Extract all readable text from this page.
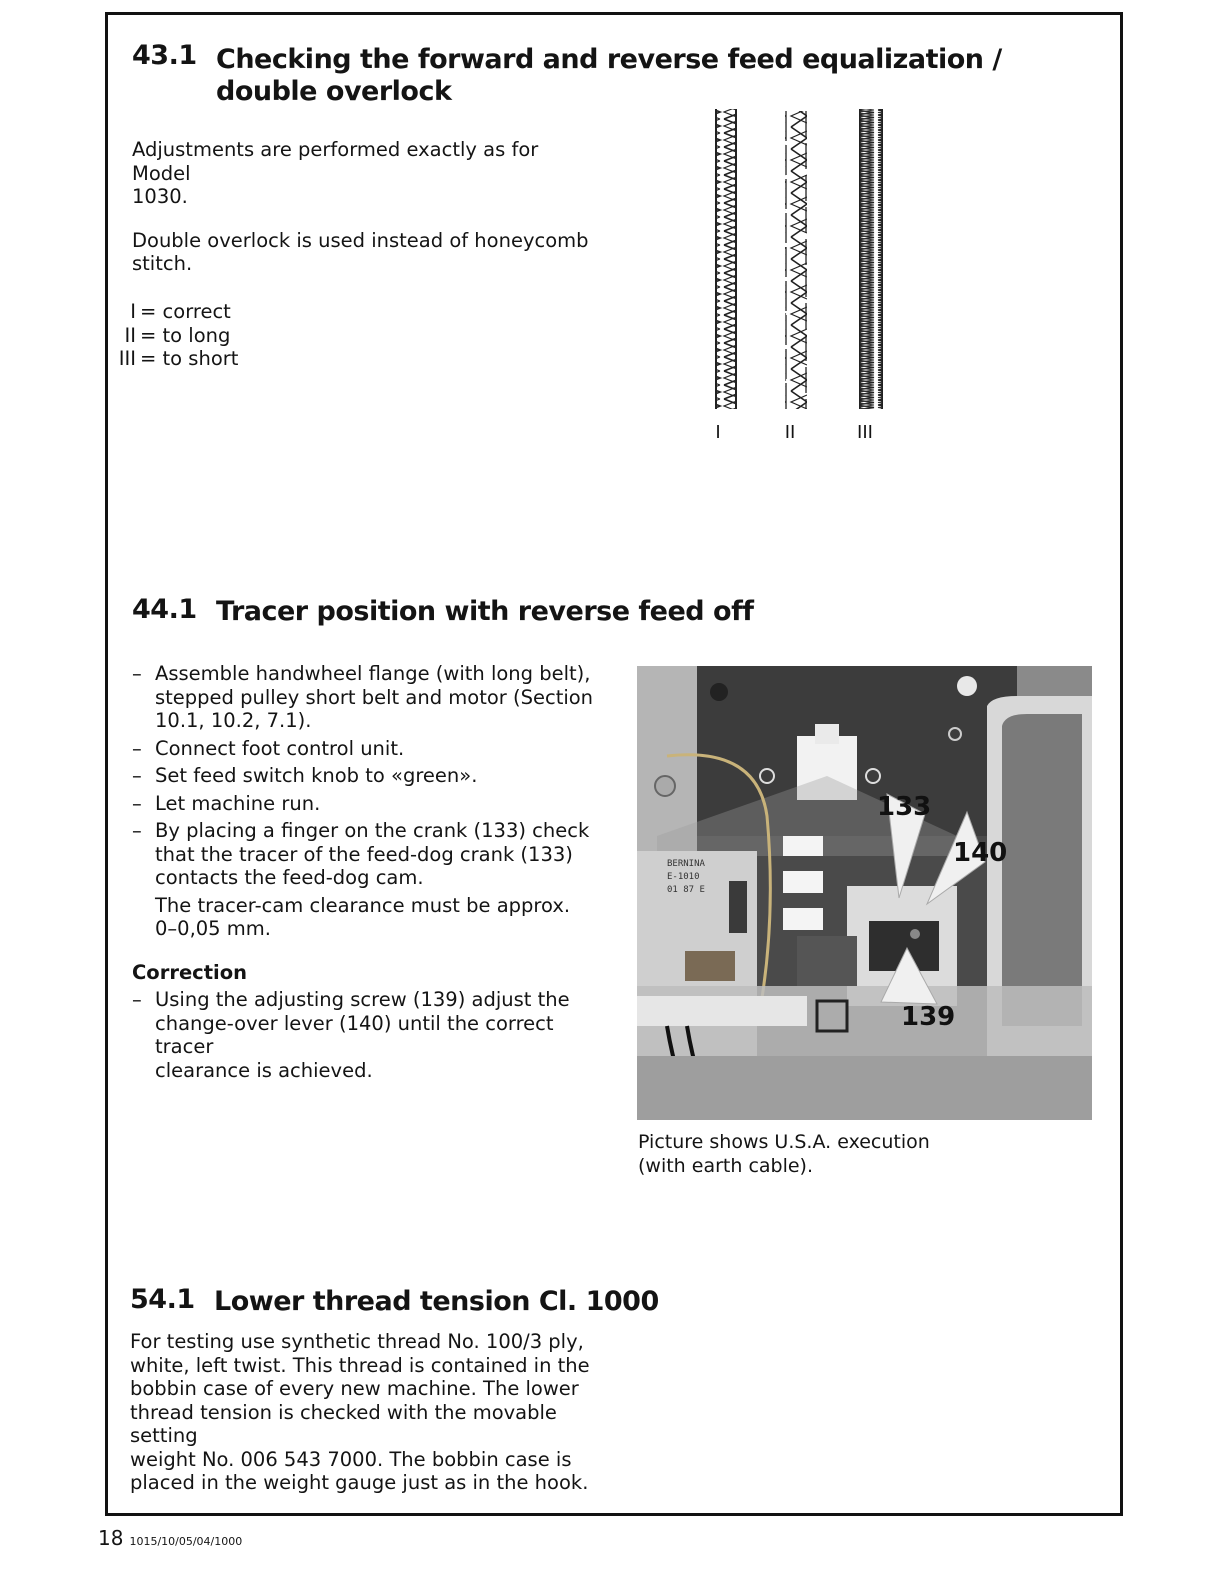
43.1 Checking the forward and reverse feed equalization /
double overlock
Adjustments are performed exactly as for Model
1030.
Double overlock is used instead of honeycomb
stitch.
I = correct
II = to long
III = to short
I	II	III
44.1 Tracer position with reverse feed off
– Assemble handwheel flange (with long belt),
stepped pulley short belt and motor (Section
10.1, 10.2, 7.1).
– Connect foot control unit.
– Set feed switch knob to «green».
– Let machine run.
– By placing a finger on the crank (133) check
that the tracer of the feed-dog crank (133)
contacts the feed-dog cam.
The tracer-cam clearance must be approx.
0–0,05 mm.
Correction
– Using the adjusting screw (139) adjust the
change-over lever (140) until the correct tracer
clearance is achieved.
133
140
139
BERNINA
E-1010
01 87 E
Picture shows U.S.A. execution
(with earth cable).
54.1 Lower thread tension Cl. 1000
For testing use synthetic thread No. 100/3 ply,
white, left twist. This thread is contained in the
bobbin case of every new machine. The lower
thread tension is checked with the movable setting
weight No. 006 543 7000. The bobbin case is
placed in the weight gauge just as in the hook.
18 1015/10/05/04/1000
